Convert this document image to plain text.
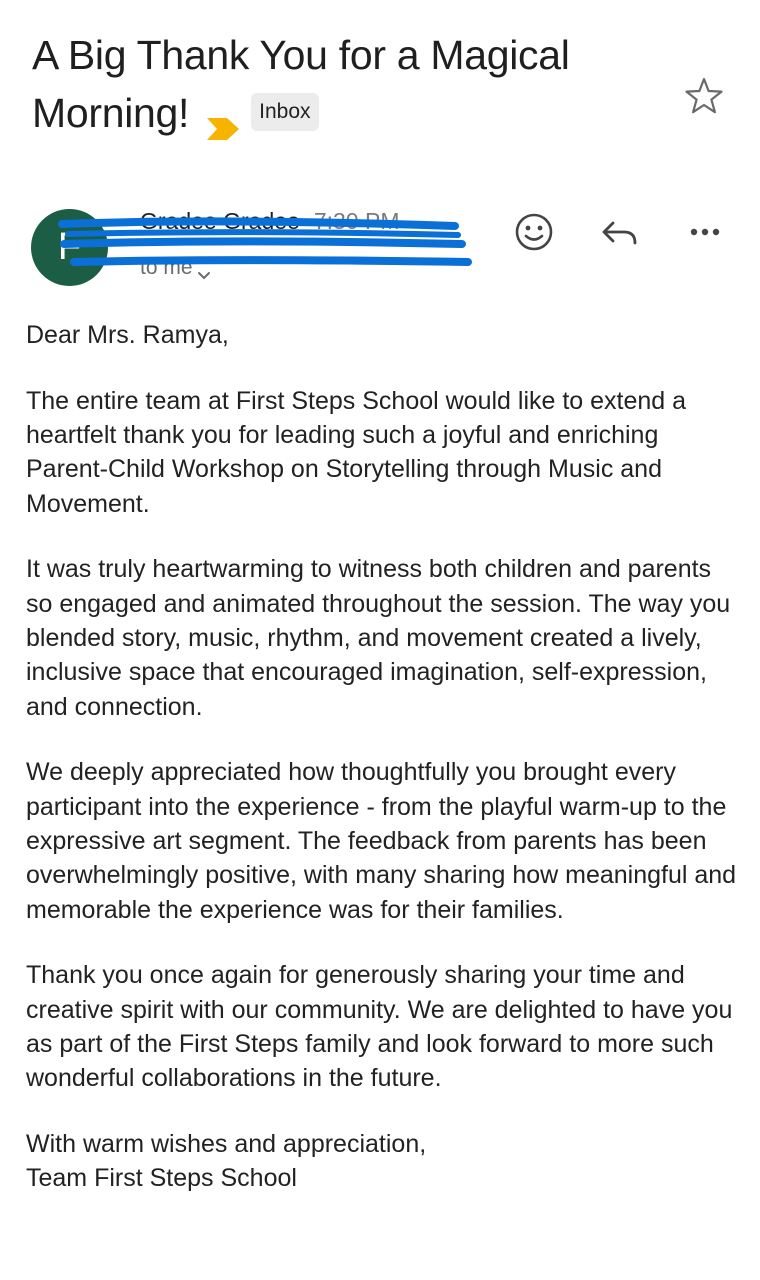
A Big Thank You for a Magical Morning!	Inbox
F
Gradee Gradee 7:30 PM
to me

Dear Mrs. Ramya,

The entire team at First Steps School would like to extend a heartfelt thank you for leading such a joyful and enriching Parent-Child Workshop on Storytelling through Music and Movement.

It was truly heartwarming to witness both children and parents so engaged and animated throughout the session. The way you blended story, music, rhythm, and movement created a lively, inclusive space that encouraged imagination, self-expression, and connection.

We deeply appreciated how thoughtfully you brought every participant into the experience - from the playful warm-up to the expressive art segment. The feedback from parents has been overwhelmingly positive, with many sharing how meaningful and memorable the experience was for their families.

Thank you once again for generously sharing your time and creative spirit with our community. We are delighted to have you as part of the First Steps family and look forward to more such wonderful collaborations in the future.

With warm wishes and appreciation,

Team First Steps School
